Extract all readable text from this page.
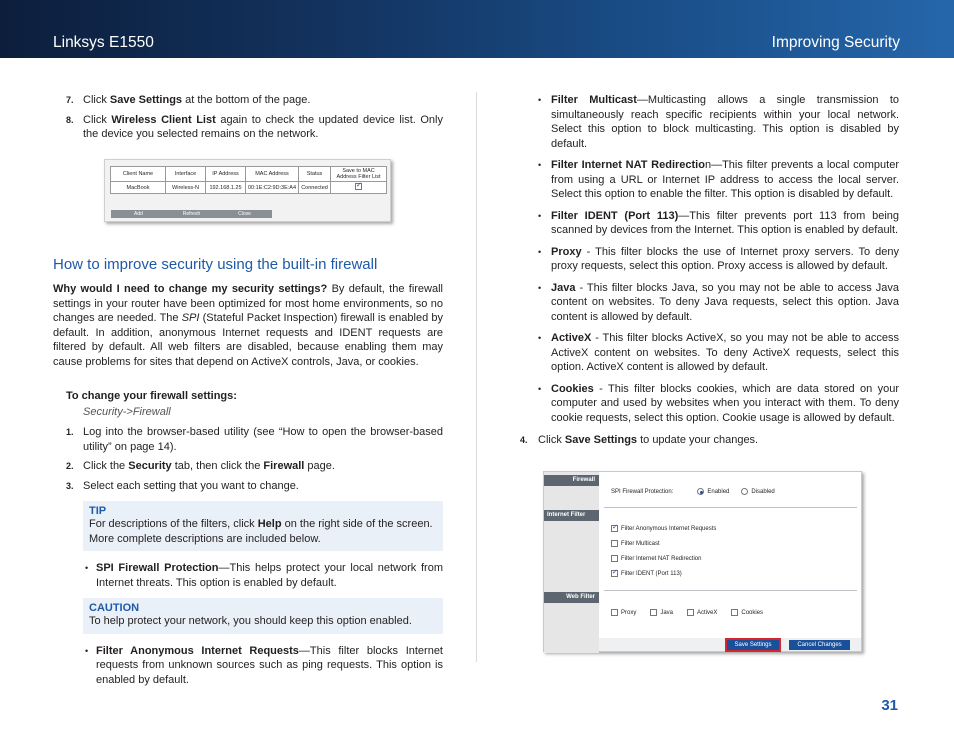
Linksys E1550	Improving Security

7. Click Save Settings at the bottom of the page.

8. Click Wireless Client List again to check the updated device list. Only the device you selected remains on the network.

Client Name	Interface	IP Address	MAC Address	Status	Save to MAC Address Filter List
MacBook	Wireless-N	192.168.1.25	00:1E:C2:9D:3E:A4	Connected	✓
Add	Refresh	Close
How to improve security using the built-in firewall

Why would I need to change my security settings? By default, the firewall settings in your router have been optimized for most home environments, so no changes are needed. The SPI (Stateful Packet Inspection) firewall is enabled by default. In addition, anonymous Internet requests and IDENT requests are filtered by default. All web filters are disabled, because enabling them may cause problems for sites that depend on ActiveX controls, Java, or cookies.

To change your firewall settings:

Security->Firewall

1. Log into the browser-based utility (see “How to open the browser-based utility” on page 14).

2. Click the Security tab, then click the Firewall page.

3. Select each setting that you want to change.

TIP

For descriptions of the filters, click Help on the right side of the screen. More complete descriptions are included below.

• SPI Firewall Protection—This helps protect your local network from Internet threats. This option is enabled by default.

CAUTION

To help protect your network, you should keep this option enabled.

• Filter Anonymous Internet Requests—This filter blocks Internet requests from unknown sources such as ping requests. This option is enabled by default.

• Filter Multicast—Multicasting allows a single transmission to simultaneously reach specific recipients within your local network. Select this option to block multicasting. This option is disabled by default.

• Filter Internet NAT Redirection—This filter prevents a local computer from using a URL or Internet IP address to access the local server. Select this option to enable the filter. This option is disabled by default.

• Filter IDENT (Port 113)—This filter prevents port 113 from being scanned by devices from the Internet. This option is enabled by default.

• Proxy - This filter blocks the use of Internet proxy servers. To deny proxy requests, select this option. Proxy access is allowed by default.

• Java - This filter blocks Java, so you may not be able to access Java content on websites. To deny Java requests, select this option. Java content is allowed by default.

• ActiveX - This filter blocks ActiveX, so you may not be able to access ActiveX content on websites. To deny ActiveX requests, select this option. ActiveX content is allowed by default.

• Cookies - This filter blocks cookies, which are data stored on your computer and used by websites when you interact with them. To deny cookie requests, select this option. Cookie usage is allowed by default.

4. Click Save Settings to update your changes.

Firewall
Internet Filter
Web Filter
SPI Firewall Protection:	Enabled	Disabled
✓
Filter Anonymous Internet Requests
Filter Multicast
Filter Internet NAT Redirection
✓
Filter IDENT (Port 113)
Proxy	Java	ActiveX	Cookies
Save Settings	Cancel Changes
31
